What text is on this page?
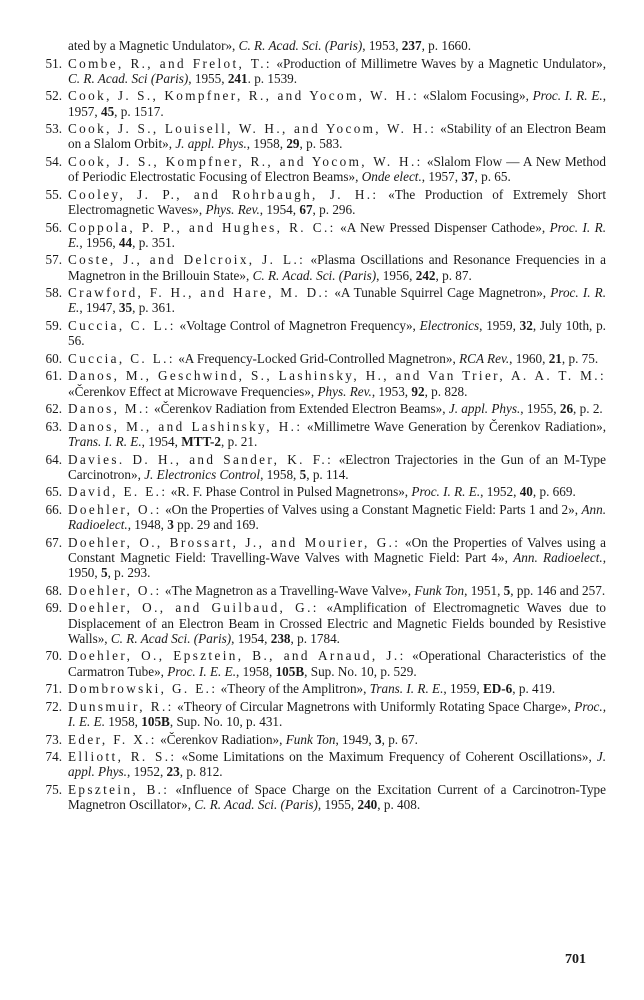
ated by a Magnetic Undulator», C. R. Acad. Sci. (Paris), 1953, 237, p. 1660.
51. Combe, R., and Frelot, T.: «Production of Millimetre Waves by a Magnetic Undulator», C. R. Acad. Sci (Paris), 1955, 241. p. 1539.
52. Cook, J. S., Kompfner, R., and Yocom, W. H.: «Slalom Focusing», Proc. I. R. E., 1957, 45, p. 1517.
53. Cook, J. S., Louisell, W. H., and Yocom, W. H.: «Stability of an Electron Beam on a Slalom Orbit», J. appl. Phys., 1958, 29, p. 583.
54. Cook, J. S., Kompfner, R., and Yocom, W. H.: «Slalom Flow — A New Method of Periodic Electrostatic Focusing of Electron Beams», Onde elect., 1957, 37, p. 65.
55. Cooley, J. P., and Rohrbaugh, J. H.: «The Production of Extremely Short Electromagnetic Waves», Phys. Rev., 1954, 67, p. 296.
56. Coppola, P. P., and Hughes, R. C.: «A New Pressed Dispenser Cathode», Proc. I. R. E., 1956, 44, p. 351.
57. Coste, J., and Delcroix, J. L.: «Plasma Oscillations and Resonance Frequencies in a Magnetron in the Brillouin State», C. R. Acad. Sci. (Paris), 1956, 242, p. 87.
58. Crawford, F. H., and Hare, M. D.: «A Tunable Squirrel Cage Magnetron», Proc. I. R. E., 1947, 35, p. 361.
59. Cuccia, C. L.: «Voltage Control of Magnetron Frequency», Electronics, 1959, 32, July 10th, p. 56.
60. Cuccia, C. L.: «A Frequency-Locked Grid-Controlled Magnetron», RCA Rev., 1960, 21, p. 75.
61. Danos, M., Geschwind, S., Lashinsky, H., and Van Trier, A. A. T. M.: «Čerenkov Effect at Microwave Frequencies», Phys. Rev., 1953, 92, p. 828.
62. Danos, M.: «Čerenkov Radiation from Extended Electron Beams», J. appl. Phys., 1955, 26, p. 2.
63. Danos, M., and Lashinsky, H.: «Millimetre Wave Generation by Čerenkov Radiation», Trans. I. R. E., 1954, MTT-2, p. 21.
64. Davies. D. H., and Sander, K. F.: «Electron Trajectories in the Gun of an M-Type Carcinotron», J. Electronics Control, 1958, 5, p. 114.
65. David, E. E.: «R. F. Phase Control in Pulsed Magnetrons», Proc. I. R. E., 1952, 40, p. 669.
66. Doehler, O.: «On the Properties of Valves using a Constant Magnetic Field: Parts 1 and 2», Ann. Radioelect., 1948, 3 pp. 29 and 169.
67. Doehler, O., Brossart, J., and Mourier, G.: «On the Properties of Valves using a Constant Magnetic Field: Travelling-Wave Valves with Magnetic Field: Part 4», Ann. Radioelect., 1950, 5, p. 293.
68. Doehler, O.: «The Magnetron as a Travelling-Wave Valve», Funk Ton, 1951, 5, pp. 146 and 257.
69. Doehler, O., and Guilbaud, G.: «Amplification of Electromagnetic Waves due to Displacement of an Electron Beam in Crossed Electric and Magnetic Fields bounded by Resistive Walls», C. R. Acad Sci. (Paris), 1954, 238, p. 1784.
70. Doehler, O., Epsztein, B., and Arnaud, J.: «Operational Characteristics of the Carmatron Tube», Proc. I. E. E., 1958, 105B, Sup. No. 10, p. 529.
71. Dombrowski, G. E.: «Theory of the Amplitron», Trans. I. R. E., 1959, ED-6, p. 419.
72. Dunsmuir, R.: «Theory of Circular Magnetrons with Uniformly Rotating Space Charge», Proc., I. E. E. 1958, 105B, Sup. No. 10, p. 431.
73. Eder, F. X.: «Čerenkov Radiation», Funk Ton, 1949, 3, p. 67.
74. Elliott, R. S.: «Some Limitations on the Maximum Frequency of Coherent Oscillations», J. appl. Phys., 1952, 23, p. 812.
75. Epsztein, B.: «Influence of Space Charge on the Excitation Current of a Carcinotron-Type Magnetron Oscillator», C. R. Acad. Sci. (Paris), 1955, 240, p. 408.
701
